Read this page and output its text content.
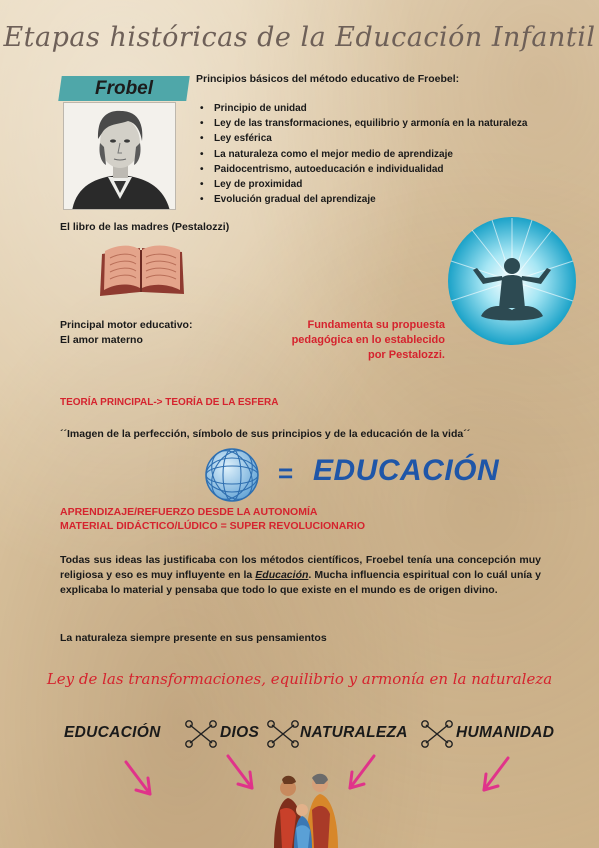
Etapas históricas de la Educación Infantil
Frobel	Principios básicos del método educativo de Froebel:
• Principio de unidad
• Ley de las transformaciones, equilibrio y armonía en la naturaleza
• Ley esférica
• La naturaleza como el mejor medio de aprendizaje
• Paidocentrismo, autoeducación e individualidad
• Ley de proximidad
• Evolución gradual del aprendizaje
El libro de las madres (Pestalozzi)
Principal motor educativo:
El amor materno
Fundamenta su propuesta
pedagógica en lo establecido
por Pestalozzi.
TEORÍA PRINCIPAL-> TEORÍA DE LA ESFERA
´´Imagen de la perfección, símbolo de sus principios y de la educación de la vida´´
= EDUCACIÓN
APRENDIZAJE/REFUERZO DESDE LA AUTONOMÍA
MATERIAL DIDÁCTICO/LÚDICO = SUPER REVOLUCIONARIO

Todas sus ideas las justificaba con los métodos científicos, Froebel tenía una concepción muy religiosa y eso es muy influyente en la Educación. Mucha influencia espiritual con lo cuál unía y explicaba lo material y pensaba que todo lo que existe en el mundo es de origen divino.

La naturaleza siempre presente en sus pensamientos
Ley de las transformaciones, equilibrio y armonía en la naturaleza
EDUCACIÓN	DIOS	NATURALEZA	HUMANIDAD
